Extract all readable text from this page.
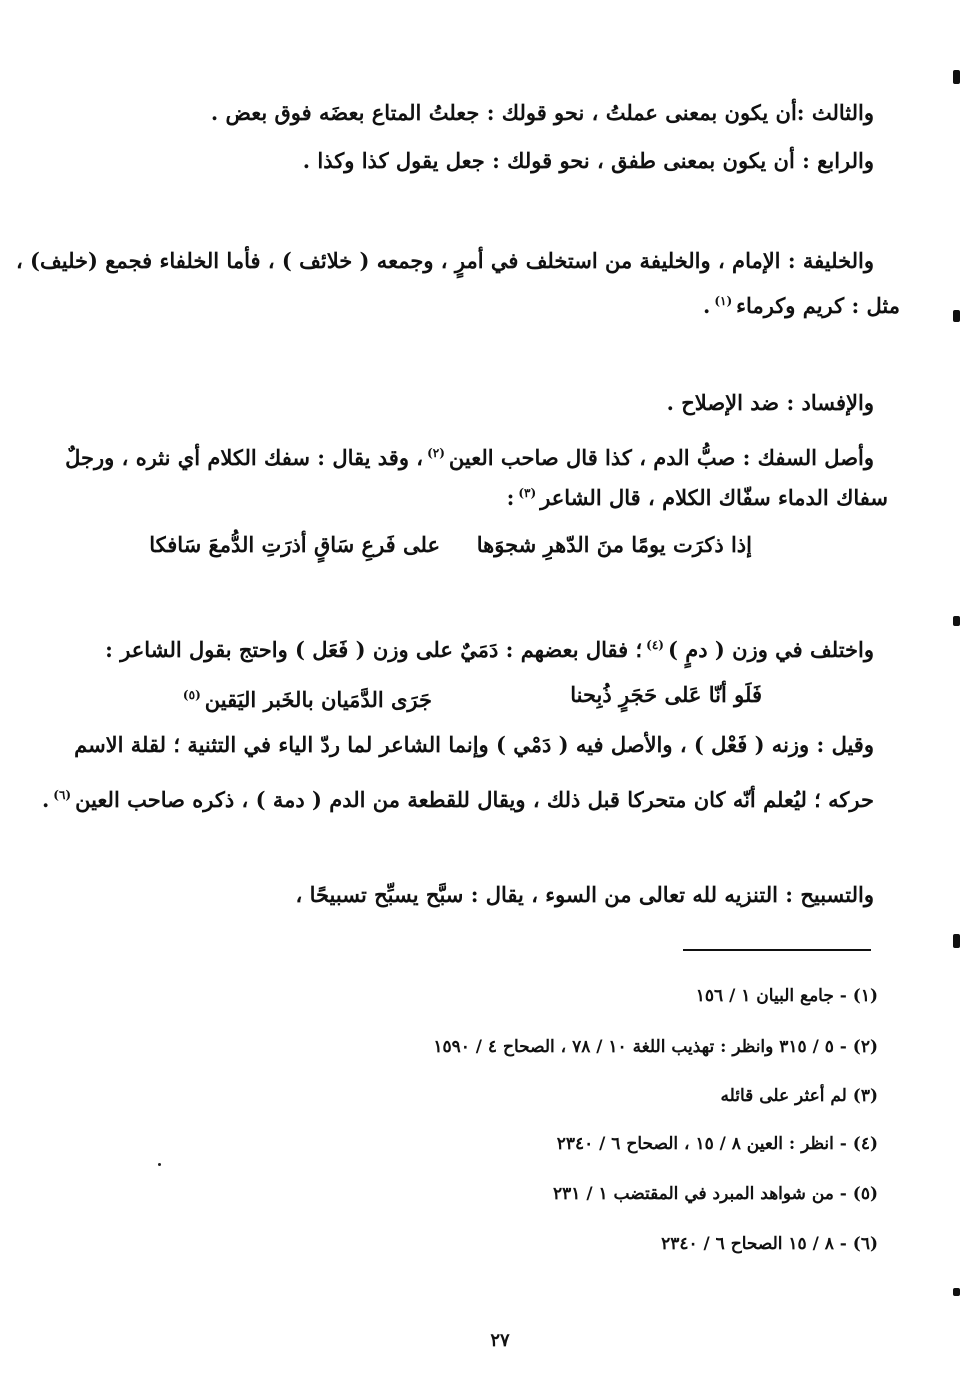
والثالث :أن يكون بمعنى عملتُ ، نحو قولك : جعلتُ المتاع بعضَه فوق بعض .
والرابع : أن يكون بمعنى طفق ، نحو قولك : جعل يقول كذا وكذا .
والخليفة : الإمام ، والخليفة من استخلف في أمرٍ ، وجمعه ( خلائف ) ، فأما الخلفاء فجمع (خليف) ،
مثل : كريم وكرماء$^{(١)}$.
والإفساد : ضد الإصلاح .
وأصل السفك : صبُّ الدم ، كذا قال صاحب العين$^{(٢)}$، وقد يقال : سفك الكلام أي نثره ، ورجلٌ
سفاك الدماء سفّاك الكلام ، قال الشاعر$^{(٣)}$:
إذا ذكرَت يومًا منَ الدّهرِ شجوَها
على فَرعِ سَاقٍ أذرَتِ الدُّمعَ سَافكا
واختلف في وزن ( دمٍ )$^{(٤)}$؛ فقال بعضهم : دَمَيٌ على وزن ( فَعَل ) واحتج بقول الشاعر :
فَلَو أنّا عَلى حَجَرٍ ذُبِحنا
جَرَى الدَّمَيان بالخَبر اليَقين$^{(٥)}$
وقيل : وزنه ( فَعْل ) ، والأصل فيه ( دَمْي ) وإنما الشاعر لما ردّ الياء في التثنية ؛ لقلة الاسم
حركه ؛ ليُعلم أنّه كان متحركا قبل ذلك ، ويقال للقطعة من الدم ( دمة ) ، ذكره صاحب العين$^{(٦)}$.
والتسبيح : التنزيه لله تعالى من السوء ، يقال : سبَّح يسبِّح تسبيحًا ،
(١) - جامع البيان ١ / ١٥٦
(٢) - ٥ / ٣١٥ وانظر : تهذيب اللغة ١٠ / ٧٨ ، الصحاح ٤ / ١٥٩٠
(٣) لم أعثر على قائله
(٤) - انظر : العين ٨ / ١٥ ، الصحاح ٦ / ٢٣٤٠
(٥) - من شواهد المبرد في المقتضب ١ / ٢٣١
(٦) - ٨ / ١٥ الصحاح ٦ / ٢٣٤٠
٢٧
